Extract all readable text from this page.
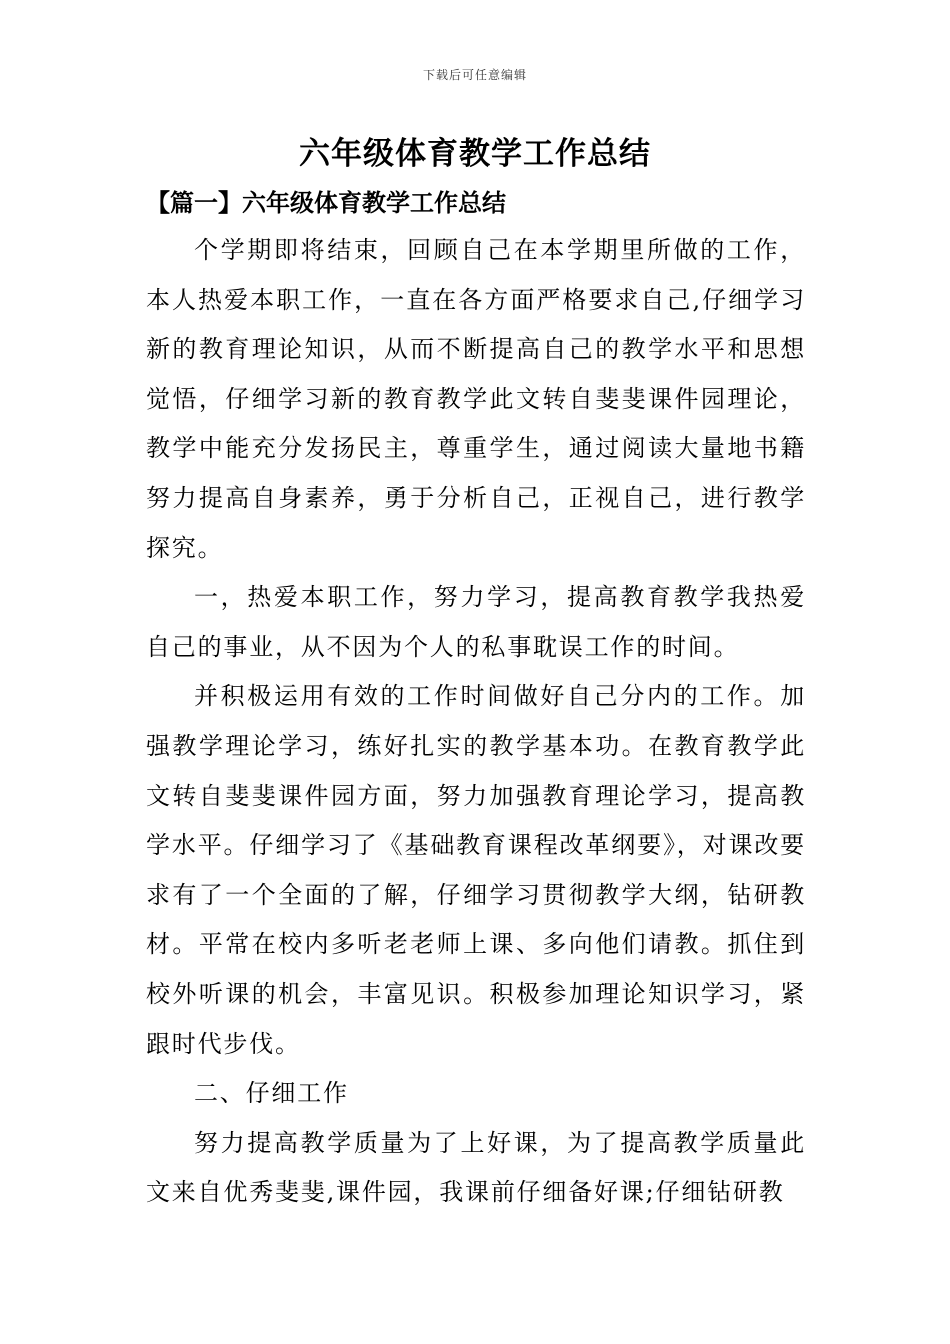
下载后可任意编辑
六年级体育教学工作总结
【篇一】六年级体育教学工作总结

个学期即将结束，回顾自己在本学期里所做的工作，本人热爱本职工作，一直在各方面严格要求自己,仔细学习新的教育理论知识，从而不断提高自己的教学水平和思想觉悟，仔细学习新的教育教学此文转自斐斐课件园理论，教学中能充分发扬民主，尊重学生，通过阅读大量地书籍努力提高自身素养，勇于分析自己，正视自己，进行教学探究。

一，热爱本职工作，努力学习，提高教育教学我热爱自己的事业，从不因为个人的私事耽误工作的时间。

并积极运用有效的工作时间做好自己分内的工作。加强教学理论学习，练好扎实的教学基本功。在教育教学此文转自斐斐课件园方面，努力加强教育理论学习，提高教学水平。仔细学习了《基础教育课程改革纲要》，对课改要求有了一个全面的了解，仔细学习贯彻教学大纲，钻研教材。平常在校内多听老老师上课、多向他们请教。抓住到校外听课的机会，丰富见识。积极参加理论知识学习，紧跟时代步伐。

二、仔细工作

努力提高教学质量为了上好课，为了提高教学质量此文来自优秀斐斐,课件园，我课前仔细备好课;仔细钻研教
